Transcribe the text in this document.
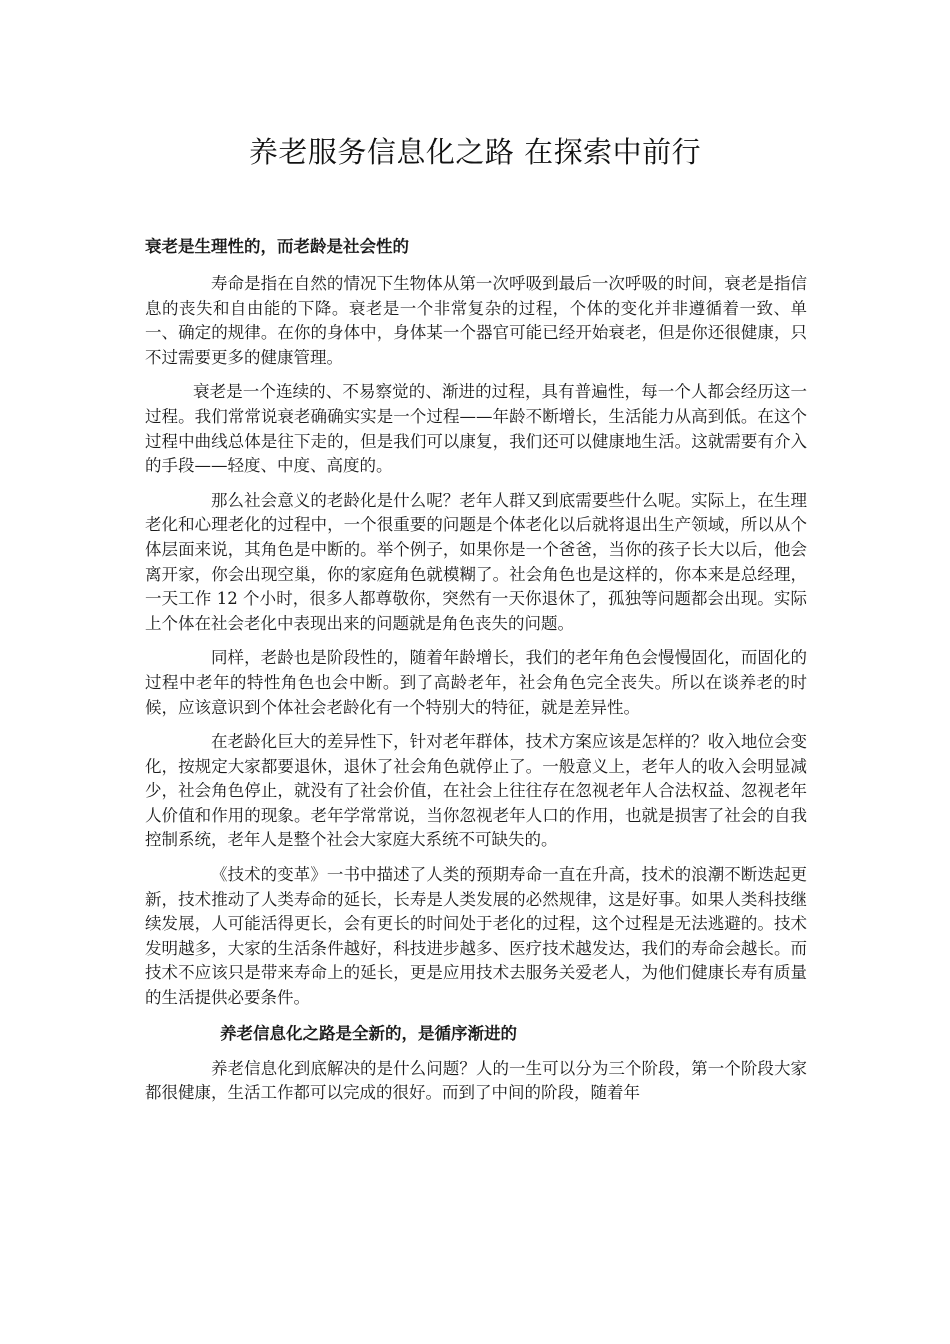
养老服务信息化之路 在探索中前行
衰老是生理性的，而老龄是社会性的

寿命是指在自然的情况下生物体从第一次呼吸到最后一次呼吸的时间，衰老是指信息的丧失和自由能的下降。衰老是一个非常复杂的过程，个体的变化并非遵循着一致、单一、确定的规律。在你的身体中，身体某一个器官可能已经开始衰老，但是你还很健康，只不过需要更多的健康管理。

衰老是一个连续的、不易察觉的、渐进的过程，具有普遍性，每一个人都会经历这一过程。我们常常说衰老确确实实是一个过程——年龄不断增长，生活能力从高到低。在这个过程中曲线总体是往下走的，但是我们可以康复，我们还可以健康地生活。这就需要有介入的手段——轻度、中度、高度的。

那么社会意义的老龄化是什么呢？老年人群又到底需要些什么呢。实际上，在生理老化和心理老化的过程中，一个很重要的问题是个体老化以后就将退出生产领域，所以从个体层面来说，其角色是中断的。举个例子，如果你是一个爸爸，当你的孩子长大以后，他会离开家，你会出现空巢，你的家庭角色就模糊了。社会角色也是这样的，你本来是总经理，一天工作 12 个小时，很多人都尊敬你，突然有一天你退休了，孤独等问题都会出现。实际上个体在社会老化中表现出来的问题就是角色丧失的问题。

同样，老龄也是阶段性的，随着年龄增长，我们的老年角色会慢慢固化，而固化的过程中老年的特性角色也会中断。到了高龄老年，社会角色完全丧失。所以在谈养老的时候，应该意识到个体社会老龄化有一个特别大的特征，就是差异性。

在老龄化巨大的差异性下，针对老年群体，技术方案应该是怎样的？收入地位会变化，按规定大家都要退休，退休了社会角色就停止了。一般意义上，老年人的收入会明显减少，社会角色停止，就没有了社会价值，在社会上往往存在忽视老年人合法权益、忽视老年人价值和作用的现象。老年学常常说，当你忽视老年人口的作用，也就是损害了社会的自我控制系统，老年人是整个社会大家庭大系统不可缺失的。

《技术的变革》一书中描述了人类的预期寿命一直在升高，技术的浪潮不断迭起更新，技术推动了人类寿命的延长，长寿是人类发展的必然规律，这是好事。如果人类科技继续发展，人可能活得更长，会有更长的时间处于老化的过程，这个过程是无法逃避的。技术发明越多，大家的生活条件越好，科技进步越多、医疗技术越发达，我们的寿命会越长。而技术不应该只是带来寿命上的延长，更是应用技术去服务关爱老人，为他们健康长寿有质量的生活提供必要条件。

养老信息化之路是全新的，是循序渐进的

养老信息化到底解决的是什么问题？人的一生可以分为三个阶段，第一个阶段大家都很健康，生活工作都可以完成的很好。而到了中间的阶段，随着年
